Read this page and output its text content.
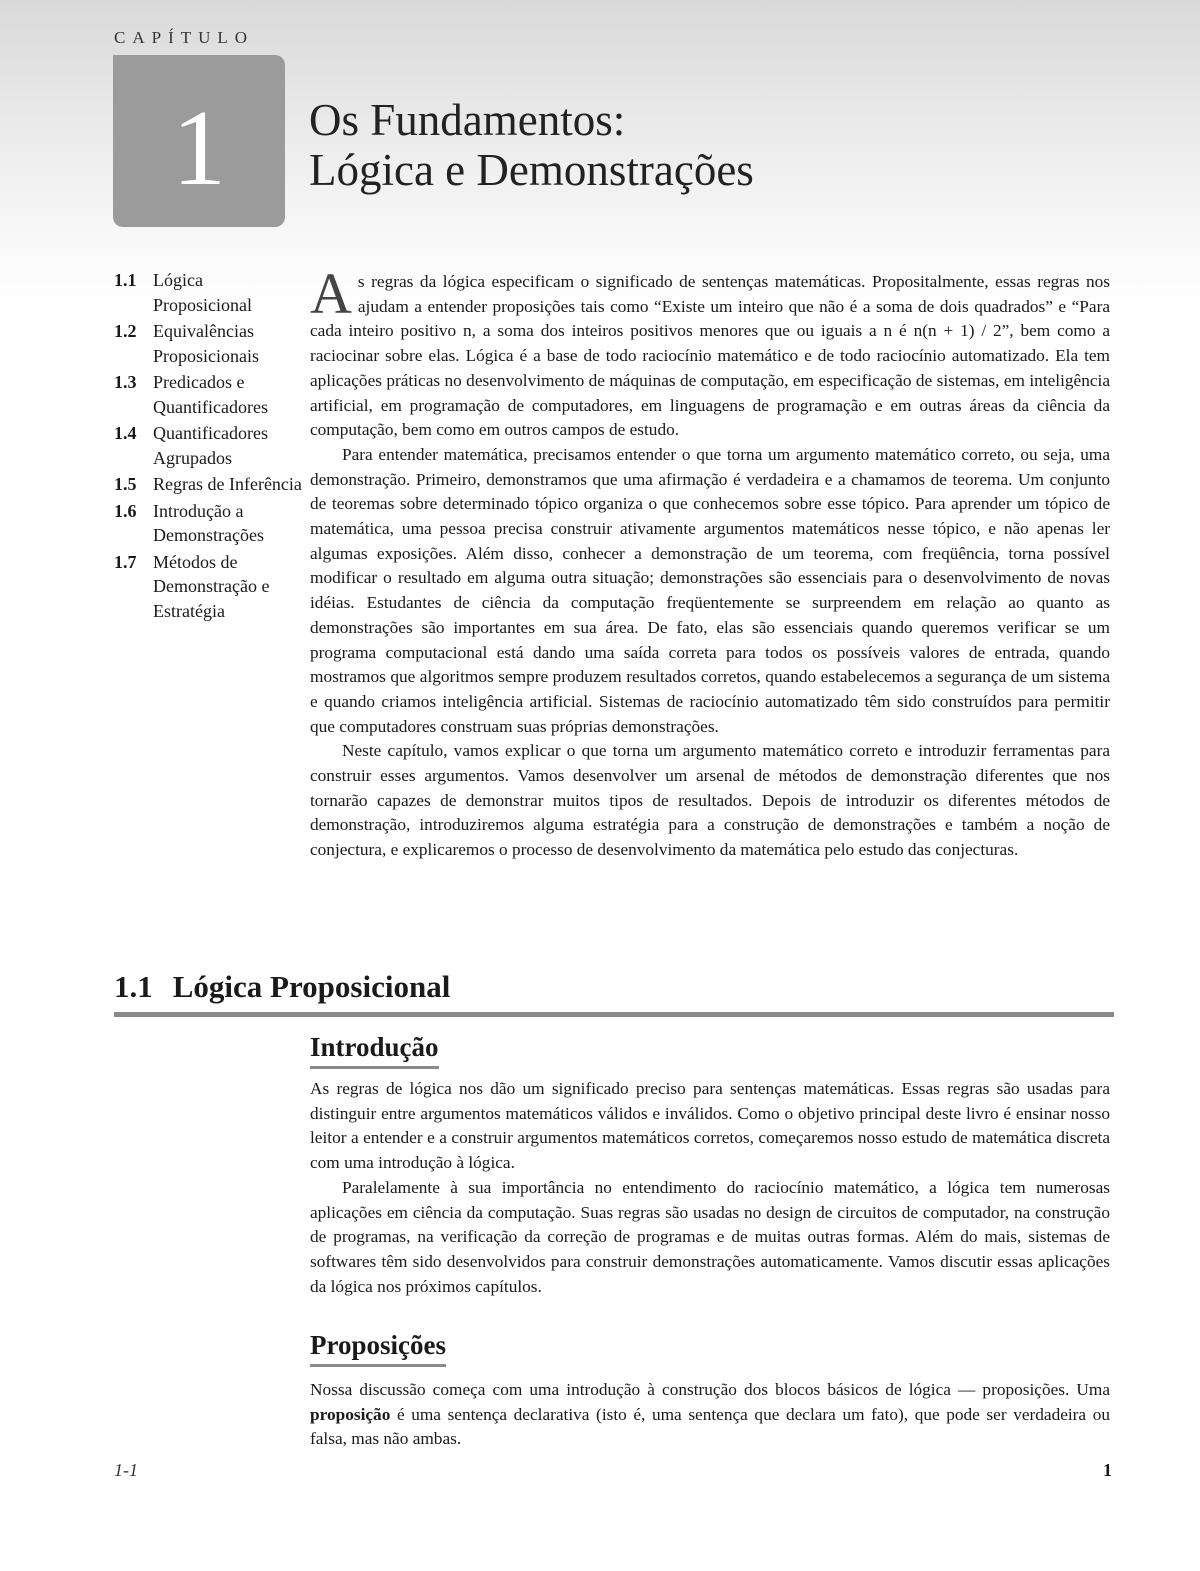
CAPÍTULO
1	Os Fundamentos:
Lógica e Demonstrações
1.1 Lógica Proposicional
1.2 Equivalências Proposicionais
1.3 Predicados e Quantificadores
1.4 Quantificadores Agrupados
1.5 Regras de Inferência
1.6 Introdução a Demonstrações
1.7 Métodos de Demonstração e Estratégia

As regras da lógica especificam o significado de sentenças matemáticas. Propositalmente, essas regras nos ajudam a entender proposições tais como “Existe um inteiro que não é a soma de dois quadrados” e “Para cada inteiro positivo n, a soma dos inteiros positivos menores que ou iguais a n é n(n + 1) / 2”, bem como a raciocinar sobre elas. Lógica é a base de todo raciocínio matemático e de todo raciocínio automatizado. Ela tem aplicações práticas no desenvolvimento de máquinas de computação, em especificação de sistemas, em inteligência artificial, em programação de computadores, em linguagens de programação e em outras áreas da ciência da computação, bem como em outros campos de estudo.

Para entender matemática, precisamos entender o que torna um argumento matemático correto, ou seja, uma demonstração. Primeiro, demonstramos que uma afirmação é verdadeira e a chamamos de teorema. Um conjunto de teoremas sobre determinado tópico organiza o que conhecemos sobre esse tópico. Para aprender um tópico de matemática, uma pessoa precisa construir ativamente argumentos matemáticos nesse tópico, e não apenas ler algumas exposições. Além disso, conhecer a demonstração de um teorema, com freqüência, torna possível modificar o resultado em alguma outra situação; demonstrações são essenciais para o desenvolvimento de novas idéias. Estudantes de ciência da computação freqüentemente se surpreendem em relação ao quanto as demonstrações são importantes em sua área. De fato, elas são essenciais quando queremos verificar se um programa computacional está dando uma saída correta para todos os possíveis valores de entrada, quando mostramos que algoritmos sempre produzem resultados corretos, quando estabelecemos a segurança de um sistema e quando criamos inteligência artificial. Sistemas de raciocínio automatizado têm sido construídos para permitir que computadores construam suas próprias demonstrações.

Neste capítulo, vamos explicar o que torna um argumento matemático correto e introduzir ferramentas para construir esses argumentos. Vamos desenvolver um arsenal de métodos de demonstração diferentes que nos tornarão capazes de demonstrar muitos tipos de resultados. Depois de introduzir os diferentes métodos de demonstração, introduziremos alguma estratégia para a construção de demonstrações e também a noção de conjectura, e explicaremos o processo de desenvolvimento da matemática pelo estudo das conjecturas.

1.1 Lógica Proposicional
Introdução

As regras de lógica nos dão um significado preciso para sentenças matemáticas. Essas regras são usadas para distinguir entre argumentos matemáticos válidos e inválidos. Como o objetivo principal deste livro é ensinar nosso leitor a entender e a construir argumentos matemáticos corretos, começaremos nosso estudo de matemática discreta com uma introdução à lógica.

Paralelamente à sua importância no entendimento do raciocínio matemático, a lógica tem numerosas aplicações em ciência da computação. Suas regras são usadas no design de circuitos de computador, na construção de programas, na verificação da correção de programas e de muitas outras formas. Além do mais, sistemas de softwares têm sido desenvolvidos para construir demonstrações automaticamente. Vamos discutir essas aplicações da lógica nos próximos capítulos.

Proposições

Nossa discussão começa com uma introdução à construção dos blocos básicos de lógica — proposições. Uma proposição é uma sentença declarativa (isto é, uma sentença que declara um fato), que pode ser verdadeira ou falsa, mas não ambas.

1-1	1
